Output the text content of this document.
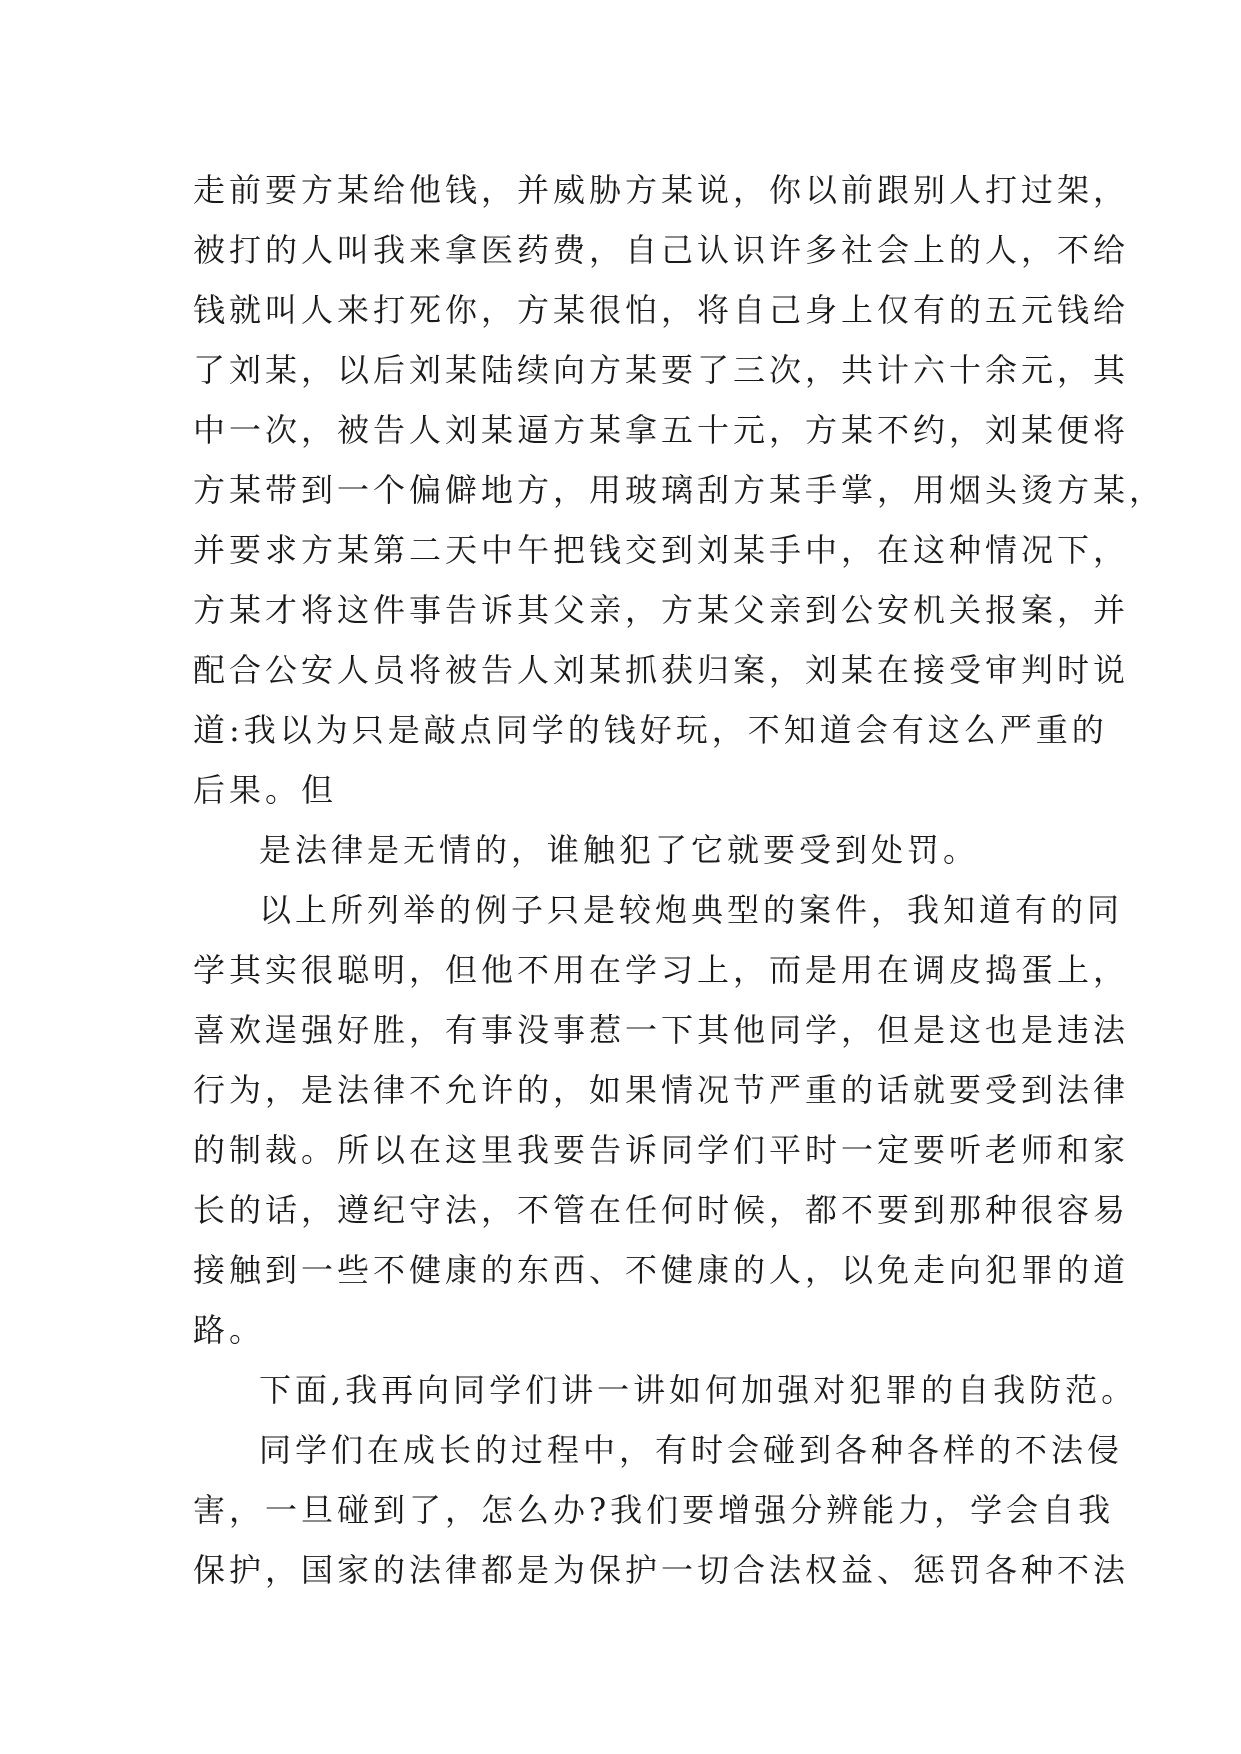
走前要方某给他钱，并威胁方某说，你以前跟别人打过架，
被打的人叫我来拿医药费，自己认识许多社会上的人，不给
钱就叫人来打死你，方某很怕，将自己身上仅有的五元钱给
了刘某，以后刘某陆续向方某要了三次，共计六十余元，其
中一次，被告人刘某逼方某拿五十元，方某不约，刘某便将
方某带到一个偏僻地方，用玻璃刮方某手掌，用烟头烫方某，
并要求方某第二天中午把钱交到刘某手中，在这种情况下，
方某才将这件事告诉其父亲，方某父亲到公安机关报案，并
配合公安人员将被告人刘某抓获归案，刘某在接受审判时说
道:我以为只是敲点同学的钱好玩，不知道会有这么严重的
后果。但
是法律是无情的，谁触犯了它就要受到处罚。
以上所列举的例子只是较炮典型的案件，我知道有的同
学其实很聪明，但他不用在学习上，而是用在调皮捣蛋上，
喜欢逞强好胜，有事没事惹一下其他同学，但是这也是违法
行为，是法律不允许的，如果情况节严重的话就要受到法律
的制裁。所以在这里我要告诉同学们平时一定要听老师和家
长的话，遵纪守法，不管在任何时候，都不要到那种很容易
接触到一些不健康的东西、不健康的人，以免走向犯罪的道
路。
下面,我再向同学们讲一讲如何加强对犯罪的自我防范。
同学们在成长的过程中，有时会碰到各种各样的不法侵
害，一旦碰到了，怎么办?我们要增强分辨能力，学会自我
保护，国家的法律都是为保护一切合法权益、惩罚各种不法
